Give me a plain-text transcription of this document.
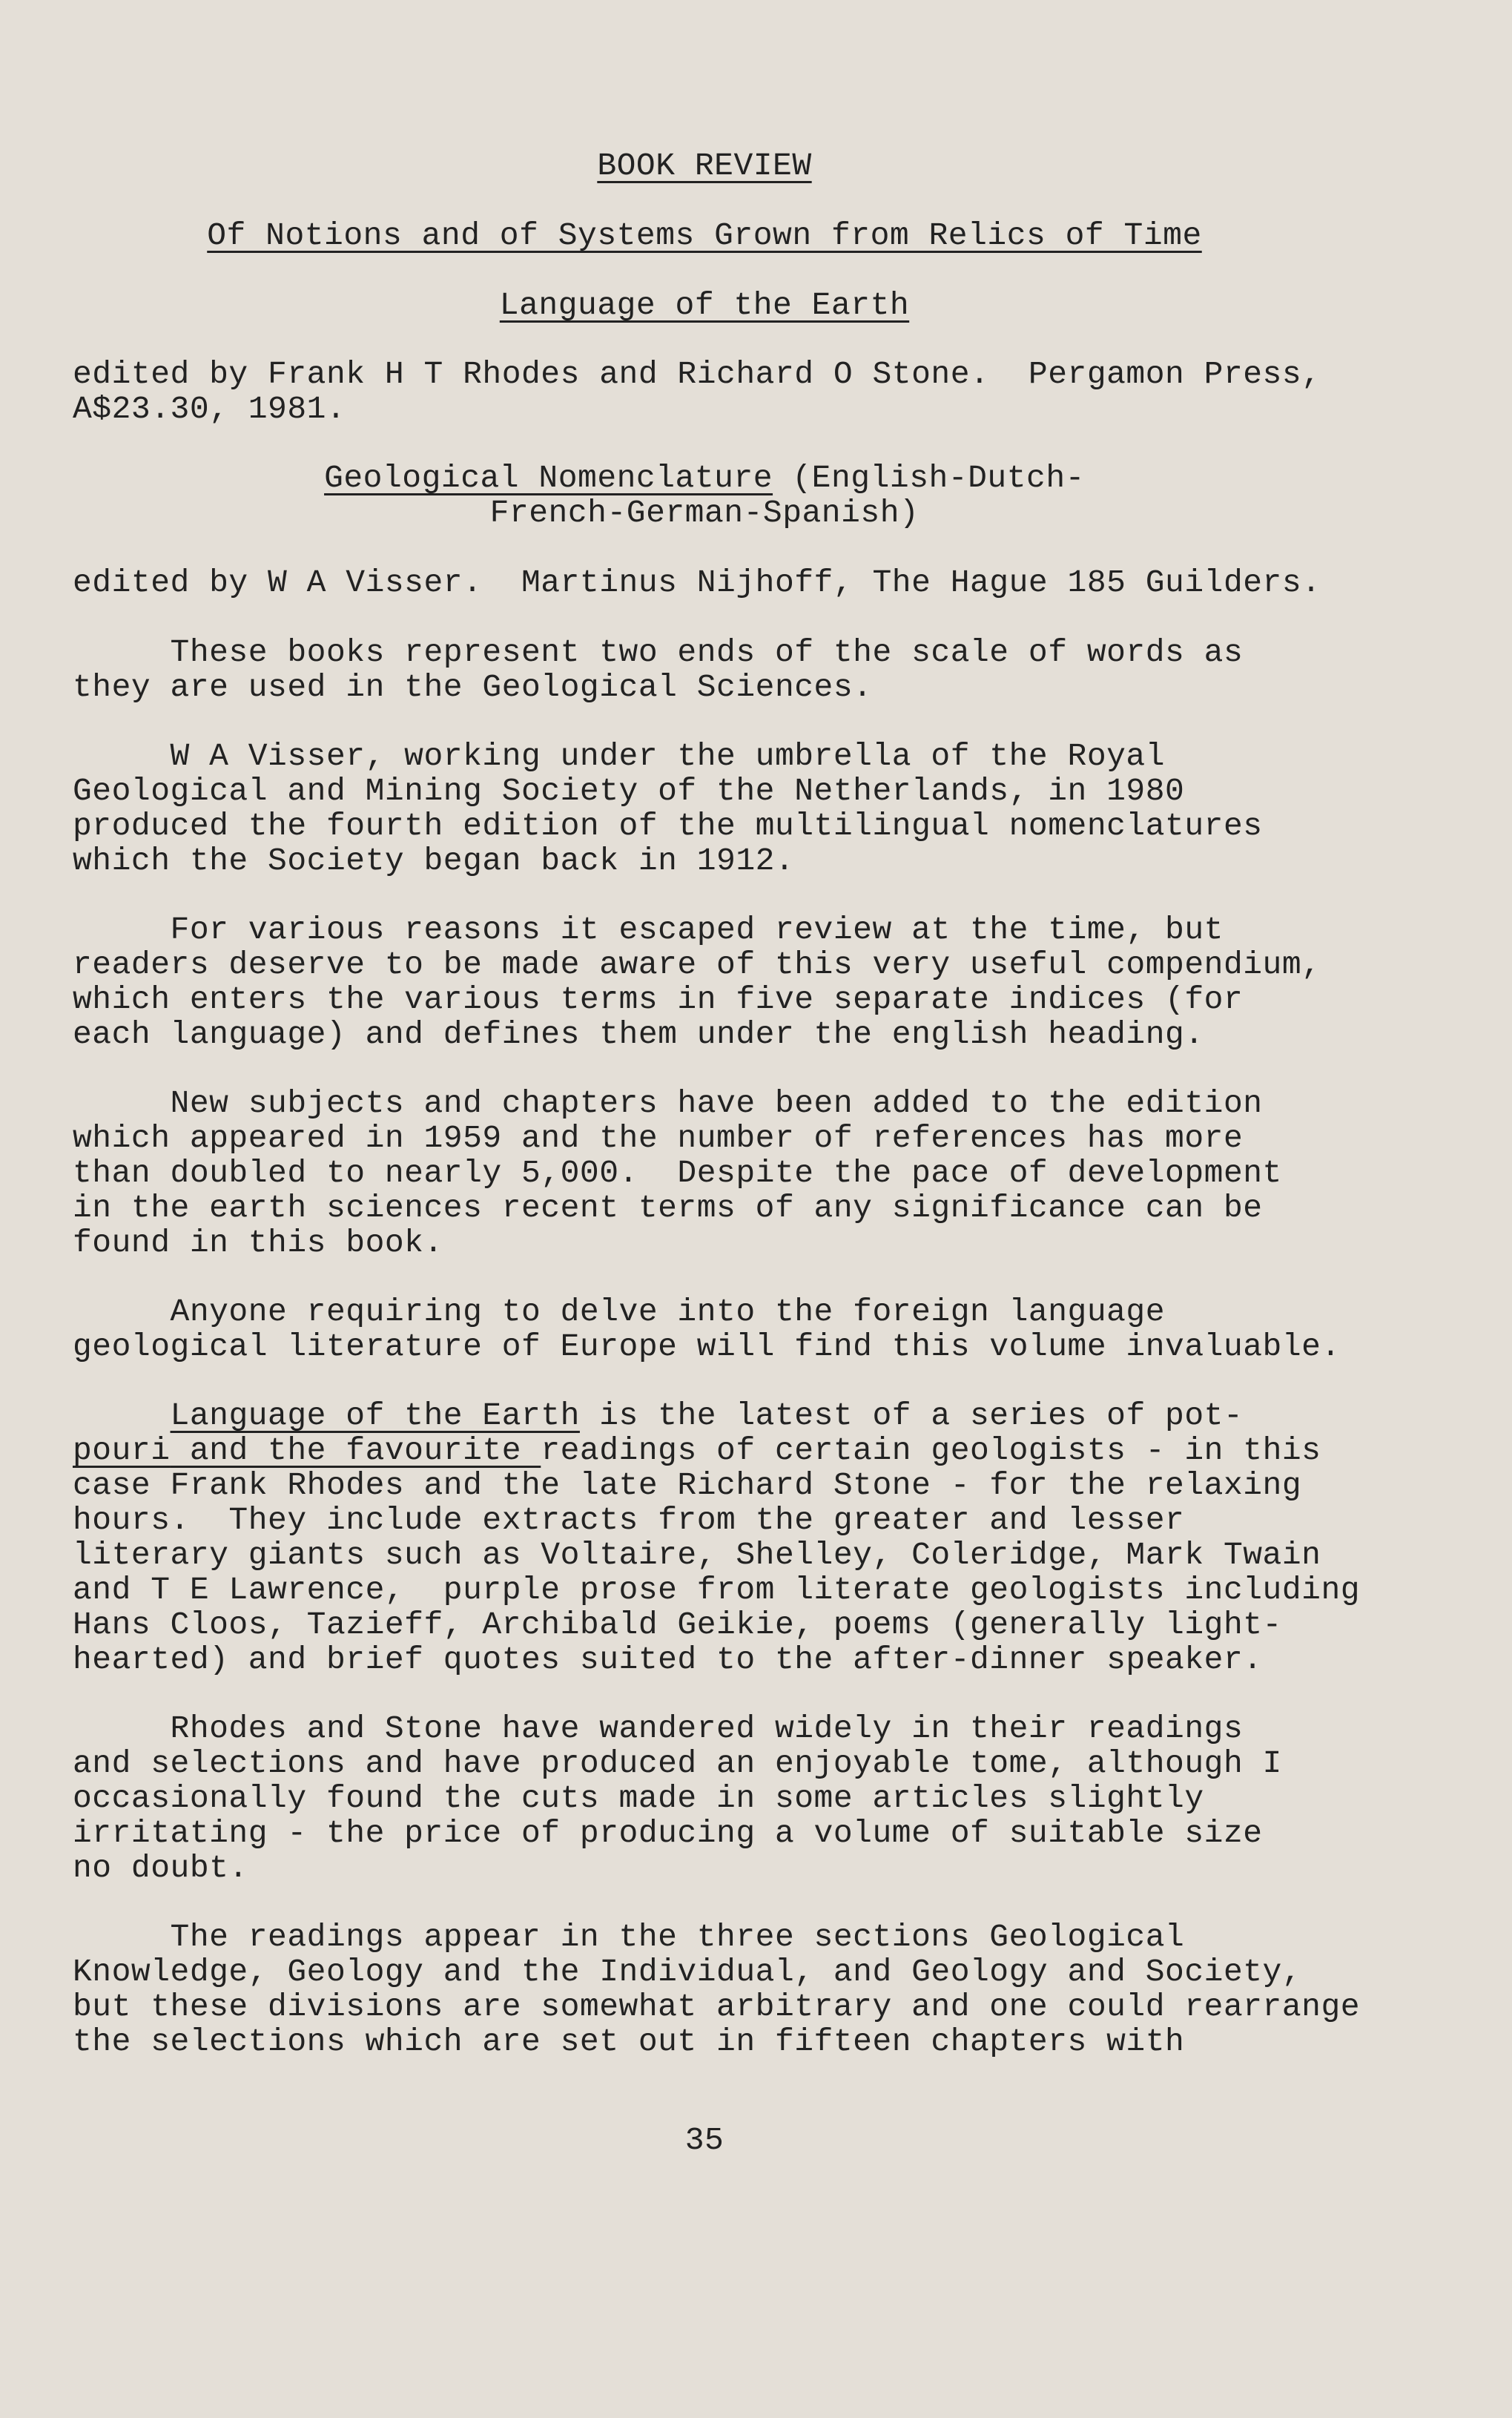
BOOK REVIEW
Of Notions and of Systems Grown from Relics of Time
Language of the Earth
edited by Frank H T Rhodes and Richard O Stone.  Pergamon Press,
A$23.30, 1981.
Geological Nomenclature (English-Dutch-
French-German-Spanish)
edited by W A Visser.  Martinus Nijhoff, The Hague 185 Guilders.
These books represent two ends of the scale of words as
they are used in the Geological Sciences.
W A Visser, working under the umbrella of the Royal
Geological and Mining Society of the Netherlands, in 1980
produced the fourth edition of the multilingual nomenclatures
which the Society began back in 1912.
For various reasons it escaped review at the time, but
readers deserve to be made aware of this very useful compendium,
which enters the various terms in five separate indices (for
each language) and defines them under the english heading.
New subjects and chapters have been added to the edition
which appeared in 1959 and the number of references has more
than doubled to nearly 5,000.  Despite the pace of development
in the earth sciences recent terms of any significance can be
found in this book.
Anyone requiring to delve into the foreign language
geological literature of Europe will find this volume invaluable.
Language of the Earth is the latest of a series of pot-
pouri and the favourite readings of certain geologists - in this
case Frank Rhodes and the late Richard Stone - for the relaxing
hours.  They include extracts from the greater and lesser
literary giants such as Voltaire, Shelley, Coleridge, Mark Twain
and T E Lawrence,  purple prose from literate geologists including
Hans Cloos, Tazieff, Archibald Geikie, poems (generally light-
hearted) and brief quotes suited to the after-dinner speaker.
Rhodes and Stone have wandered widely in their readings
and selections and have produced an enjoyable tome, although I
occasionally found the cuts made in some articles slightly
irritating - the price of producing a volume of suitable size
no doubt.
The readings appear in the three sections Geological
Knowledge, Geology and the Individual, and Geology and Society,
but these divisions are somewhat arbitrary and one could rearrange
the selections which are set out in fifteen chapters with
35
